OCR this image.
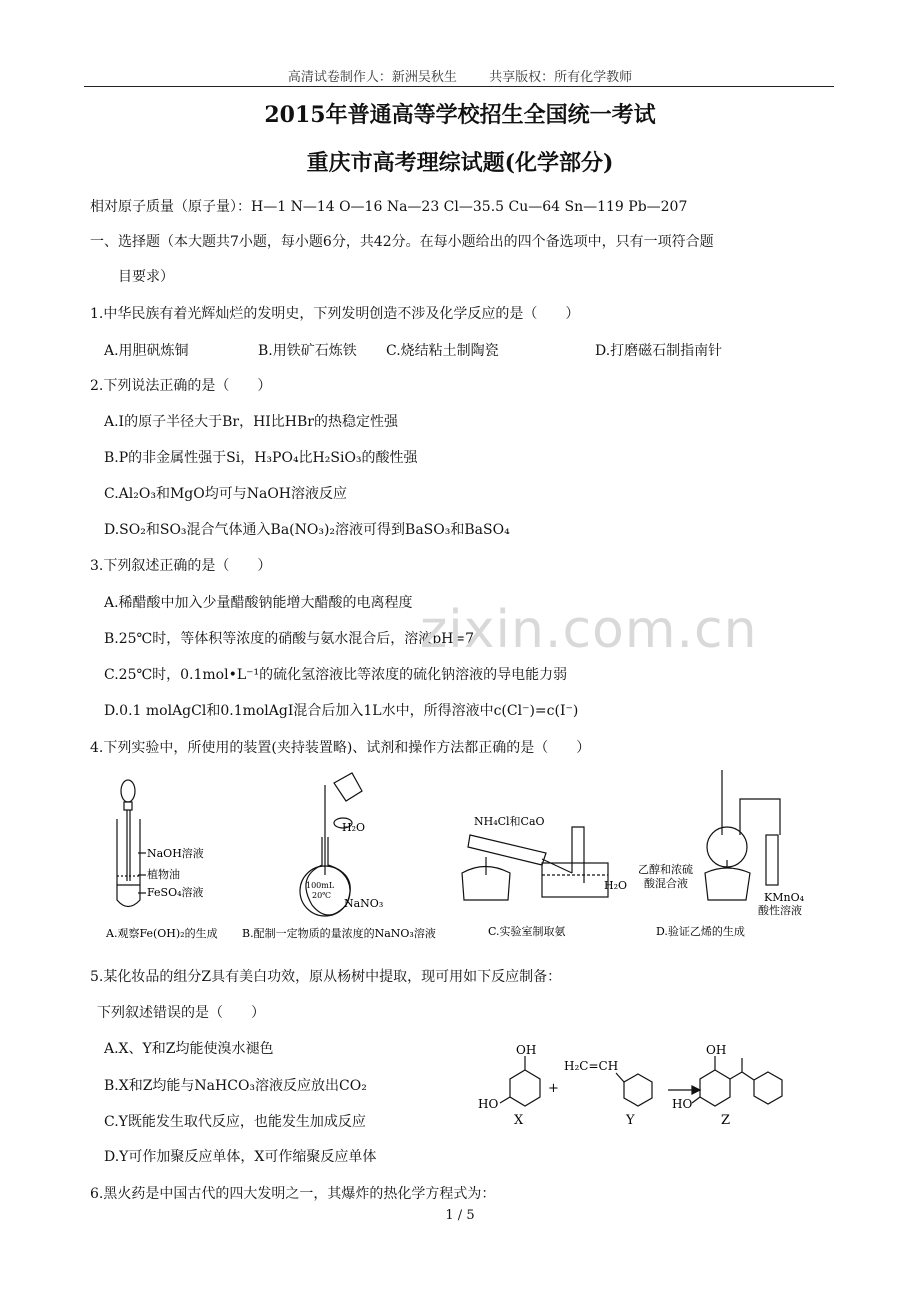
高清试卷制作人：新洲吴秋生 共享版权：所有化学教师
2015年普通高等学校招生全国统一考试
重庆市高考理综试题(化学部分)
相对原子质量（原子量）：H—1 N—14 O—16 Na—23 Cl—35.5 Cu—64 Sn—119 Pb—207
一、选择题（本大题共7小题，每小题6分，共42分。在每小题给出的四个备选项中，只有一项符合题
目要求）
1.中华民族有着光辉灿烂的发明史，下列发明创造不涉及化学反应的是（　　）
A.用胆矾炼铜	B.用铁矿石炼铁 C.烧结粘土制陶瓷	D.打磨磁石制指南针
2.下列说法正确的是（　　）
A.I的原子半径大于Br，HI比HBr的热稳定性强
B.P的非金属性强于Si，H₃PO₄比H₂SiO₃的酸性强
C.Al₂O₃和MgO均可与NaOH溶液反应
D.SO₂和SO₃混合气体通入Ba(NO₃)₂溶液可得到BaSO₃和BaSO₄
3.下列叙述正确的是（　　）
A.稀醋酸中加入少量醋酸钠能增大醋酸的电离程度
B.25℃时，等体积等浓度的硝酸与氨水混合后，溶液pH=7
C.25℃时，0.1mol•L⁻¹的硫化氢溶液比等浓度的硫化钠溶液的导电能力弱
D.0.1 molAgCl和0.1molAgI混合后加入1L水中，所得溶液中c(Cl⁻)=c(I⁻)
zixin.com.cn
4.下列实验中，所使用的装置(夹持装置略)、试剂和操作方法都正确的是（　　）
NaOH溶液
植物油
FeSO₄溶液
H₂O
100mL
20℃
NaNO₃
NH₄Cl和CaO
H₂O
乙醇和浓硫
酸混合液
KMnO₄
酸性溶液
A.观察Fe(OH)₂的生成 B.配制一定物质的量浓度的NaNO₃溶液	C.实验室制取氨	D.验证乙烯的生成
5.某化妆品的组分Z具有美白功效，原从杨树中提取，现可用如下反应制备：
下列叙述错误的是（　　）
A.X、Y和Z均能使溴水褪色
B.X和Z均能与NaHCO₃溶液反应放出CO₂
C.Y既能发生取代反应，也能发生加成反应
D.Y可作加聚反应单体，X可作缩聚反应单体
OH
HO
+
H₂C=CH
OH
HO
X	Y	Z
6.黑火药是中国古代的四大发明之一，其爆炸的热化学方程式为：
1 / 5
